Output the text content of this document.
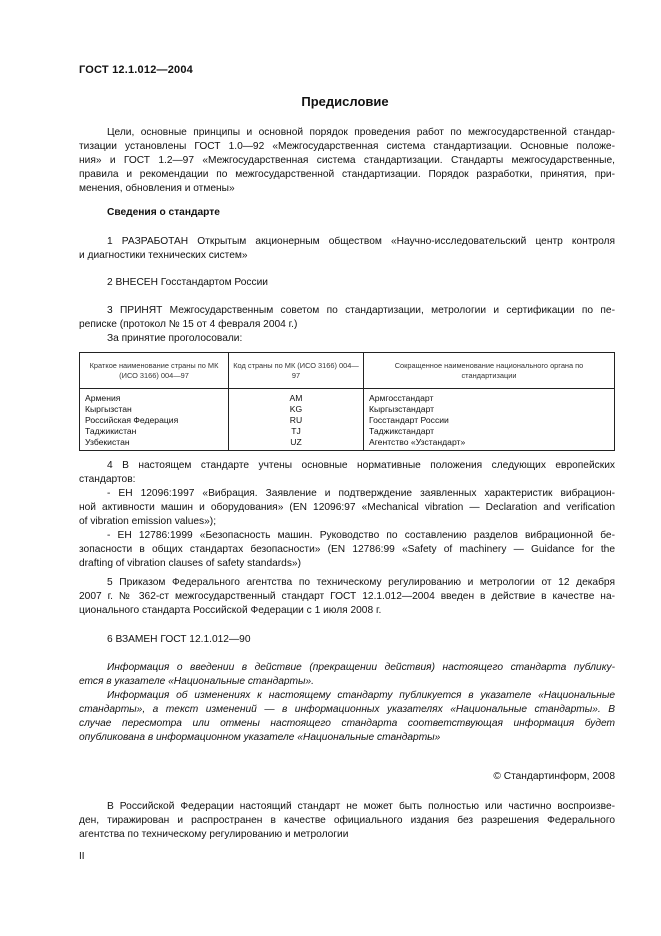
ГОСТ 12.1.012—2004
Предисловие
Цели, основные принципы и основной порядок проведения работ по межгосударственной стандар-
тизации установлены ГОСТ 1.0—92 «Межгосударственная система стандартизации. Основные положе-
ния» и ГОСТ 1.2—97 «Межгосударственная система стандартизации. Стандарты межгосударственные,
правила и рекомендации по межгосударственной стандартизации. Порядок разработки, принятия, при-
менения, обновления и отмены»
Сведения о стандарте
1 РАЗРАБОТАН Открытым акционерным обществом «Научно-исследовательский центр контроля
и диагностики технических систем»
2 ВНЕСЕН Госстандартом России
3 ПРИНЯТ Межгосударственным советом по стандартизации, метрологии и сертификации по пе-
реписке (протокол № 15 от 4 февраля 2004 г.)
За принятие проголосовали:
Краткое наименование страны по МК (ИСО 3166) 004—97	Код страны по МК (ИСО 3166) 004—97	Сокращенное наименование национального органа по стандартизации
Армения	AM	Армгосстандарт
Кыргызстан	KG	Кыргызстандарт
Российская Федерация	RU	Госстандарт России
Таджикистан	TJ	Таджикстандарт
Узбекистан	UZ	Агентство «Узстандарт»
4 В настоящем стандарте учтены основные нормативные положения следующих европейских
стандартов:
- ЕН 12096:1997 «Вибрация. Заявление и подтверждение заявленных характеристик вибрацион-
ной активности машин и оборудования» (EN 12096:97 «Mechanical vibration — Declaration and verification
of vibration emission values»);
- ЕН 12786:1999 «Безопасность машин. Руководство по составлению разделов вибрационной бе-
зопасности в общих стандартах безопасности» (EN 12786:99 «Safety of machinery — Guidance for the
drafting of vibration clauses of safety standards»)
5 Приказом Федерального агентства по техническому регулированию и метрологии от 12 декабря
2007 г. № 362-ст межгосударственный стандарт ГОСТ 12.1.012—2004 введен в действие в качестве на-
ционального стандарта Российской Федерации с 1 июля 2008 г.
6 ВЗАМЕН ГОСТ 12.1.012—90
Информация о введении в действие (прекращении действия) настоящего стандарта публику-
ется в указателе «Национальные стандарты».
Информация об изменениях к настоящему стандарту публикуется в указателе «Национальные
стандарты», а текст изменений — в информационных указателях «Национальные стандарты». В
случае пересмотра или отмены настоящего стандарта соответствующая информация будет
опубликована в информационном указателе «Национальные стандарты»
© Стандартинформ, 2008
В Российской Федерации настоящий стандарт не может быть полностью или частично воспроизве-
ден, тиражирован и распространен в качестве официального издания без разрешения Федерального
агентства по техническому регулированию и метрологии
II
